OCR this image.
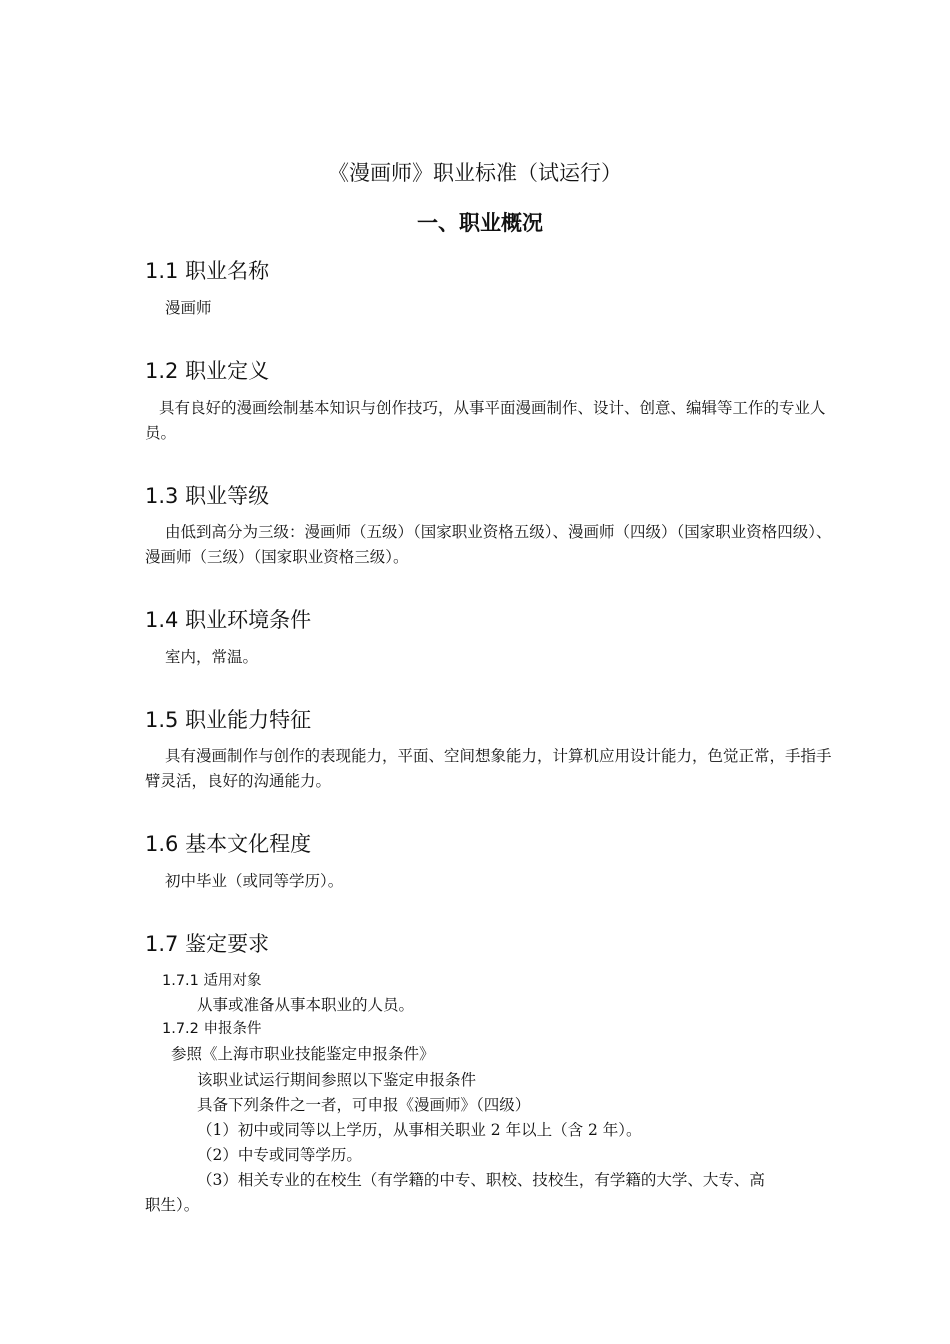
《漫画师》职业标准（试运行）
一、职业概况
1.1 职业名称

漫画师

1.2 职业定义

具有良好的漫画绘制基本知识与创作技巧，从事平面漫画制作、设计、创意、编辑等工作的专业人员。

1.3 职业等级

由低到高分为三级：漫画师（五级）（国家职业资格五级）、漫画师（四级）（国家职业资格四级）、漫画师（三级）（国家职业资格三级）。

1.4 职业环境条件

室内，常温。

1.5 职业能力特征

具有漫画制作与创作的表现能力，平面、空间想象能力，计算机应用设计能力，色觉正常，手指手臂灵活，良好的沟通能力。

1.6 基本文化程度

初中毕业（或同等学历）。

1.7 鉴定要求
1.7.1 适用对象

从事或准备从事本职业的人员。

1.7.2 申报条件

参照《上海市职业技能鉴定申报条件》

该职业试运行期间参照以下鉴定申报条件

具备下列条件之一者，可申报《漫画师》（四级）

（1）初中或同等以上学历，从事相关职业 2 年以上（含 2 年）。

（2）中专或同等学历。

（3）相关专业的在校生（有学籍的中专、职校、技校生，有学籍的大学、大专、高

职生）。
